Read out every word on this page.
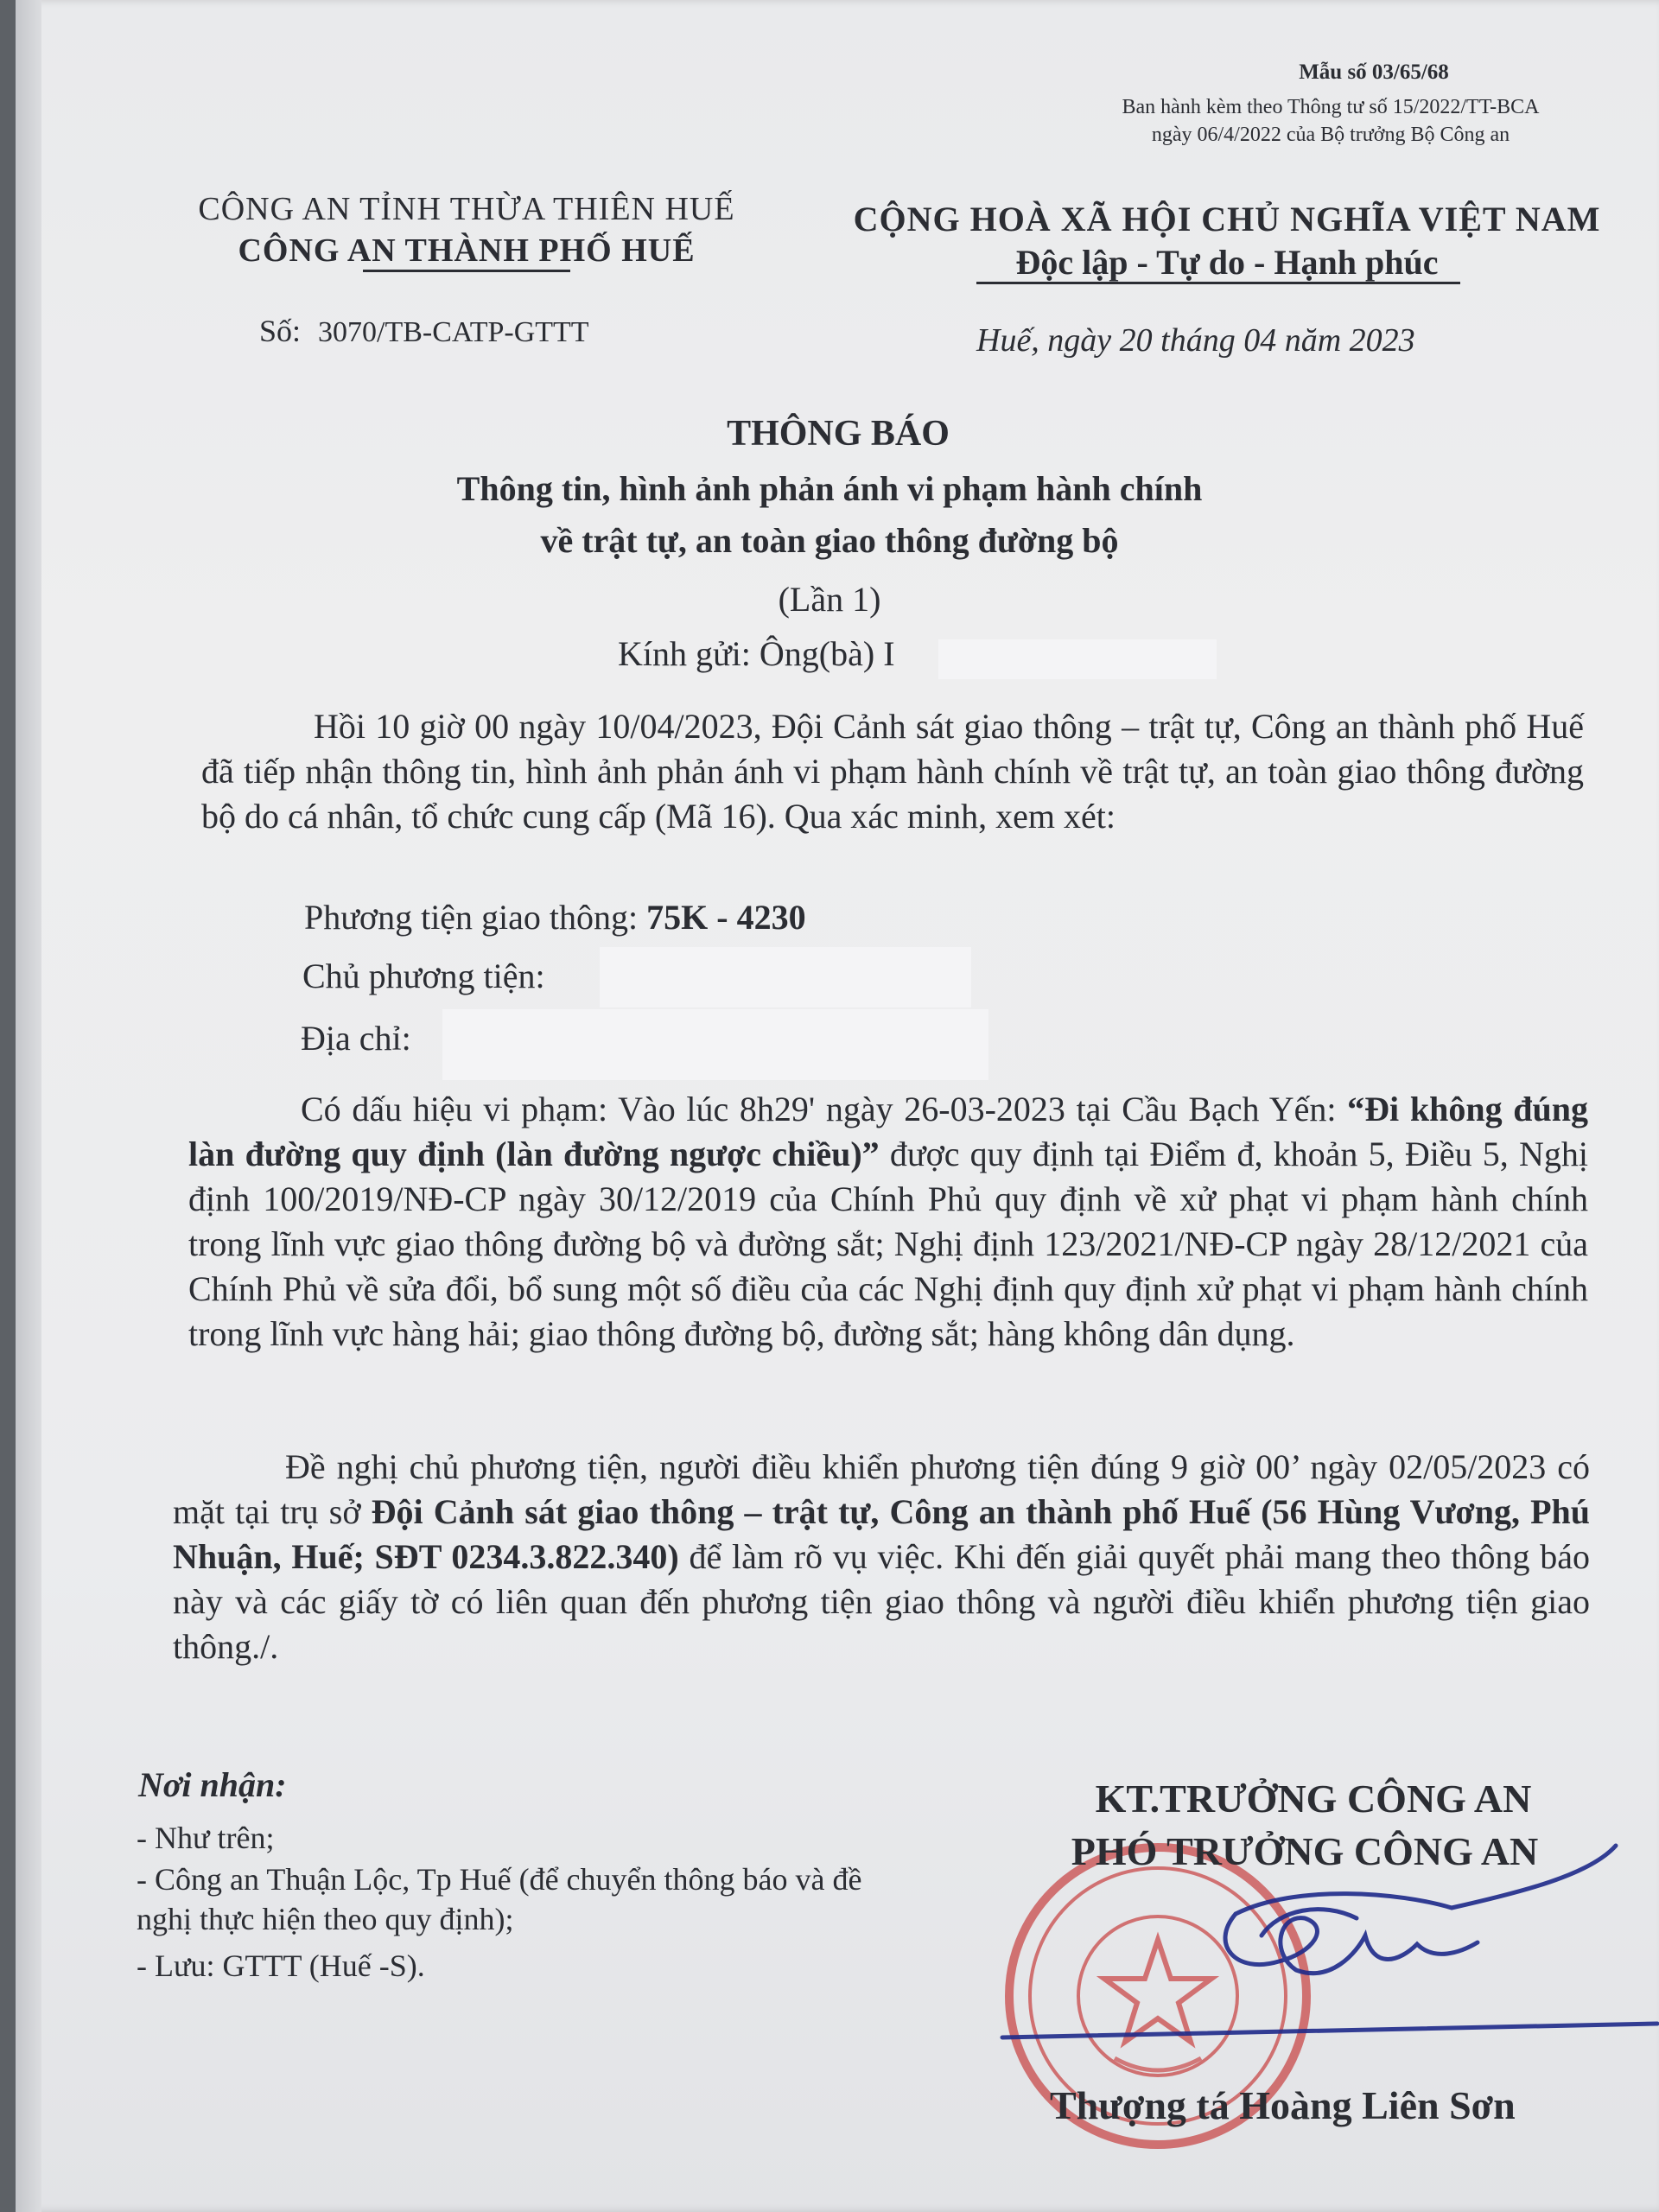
Mẫu số 03/65/68
Ban hành kèm theo Thông tư số 15/2022/TT-BCA
ngày 06/4/2022 của Bộ trưởng Bộ Công an
CÔNG AN TỈNH THỪA THIÊN HUẾ
CÔNG AN THÀNH PHỐ HUẾ
CỘNG HOÀ XÃ HỘI CHỦ NGHĨA VIỆT NAM
Độc lập - Tự do - Hạnh phúc
Số: 3070/TB-CATP-GTTT	Huế, ngày 20 tháng 04 năm 2023
THÔNG BÁO
Thông tin, hình ảnh phản ánh vi phạm hành chính
về trật tự, an toàn giao thông đường bộ
(Lần 1)
Kính gửi: Ông(bà) I
Hồi 10 giờ 00 ngày 10/04/2023, Đội Cảnh sát giao thông – trật tự, Công an thành phố Huế đã tiếp nhận thông tin, hình ảnh phản ánh vi phạm hành chính về trật tự, an toàn giao thông đường bộ do cá nhân, tổ chức cung cấp (Mã 16). Qua xác minh, xem xét:
Phương tiện giao thông: 75K - 4230
Chủ phương tiện:
Địa chỉ:
Có dấu hiệu vi phạm: Vào lúc 8h29' ngày 26-03-2023 tại Cầu Bạch Yến: “Đi không đúng làn đường quy định (làn đường ngược chiều)” được quy định tại Điểm đ, khoản 5, Điều 5, Nghị định 100/2019/NĐ-CP ngày 30/12/2019 của Chính Phủ quy định về xử phạt vi phạm hành chính trong lĩnh vực giao thông đường bộ và đường sắt; Nghị định 123/2021/NĐ-CP ngày 28/12/2021 của Chính Phủ về sửa đổi, bổ sung một số điều của các Nghị định quy định xử phạt vi phạm hành chính trong lĩnh vực hàng hải; giao thông đường bộ, đường sắt; hàng không dân dụng.
Đề nghị chủ phương tiện, người điều khiển phương tiện đúng 9 giờ 00’ ngày 02/05/2023 có mặt tại trụ sở Đội Cảnh sát giao thông – trật tự, Công an thành phố Huế (56 Hùng Vương, Phú Nhuận, Huế; SĐT 0234.3.822.340) để làm rõ vụ việc. Khi đến giải quyết phải mang theo thông báo này và các giấy tờ có liên quan đến phương tiện giao thông và người điều khiển phương tiện giao thông./.
Nơi nhận:
- Như trên;
- Công an Thuận Lộc, Tp Huế (để chuyển thông báo và đề nghị thực hiện theo quy định);
- Lưu: GTTT (Huế -S).
KT.TRƯỞNG CÔNG AN
PHÓ TRƯỞNG CÔNG AN
Thượng tá Hoàng Liên Sơn
